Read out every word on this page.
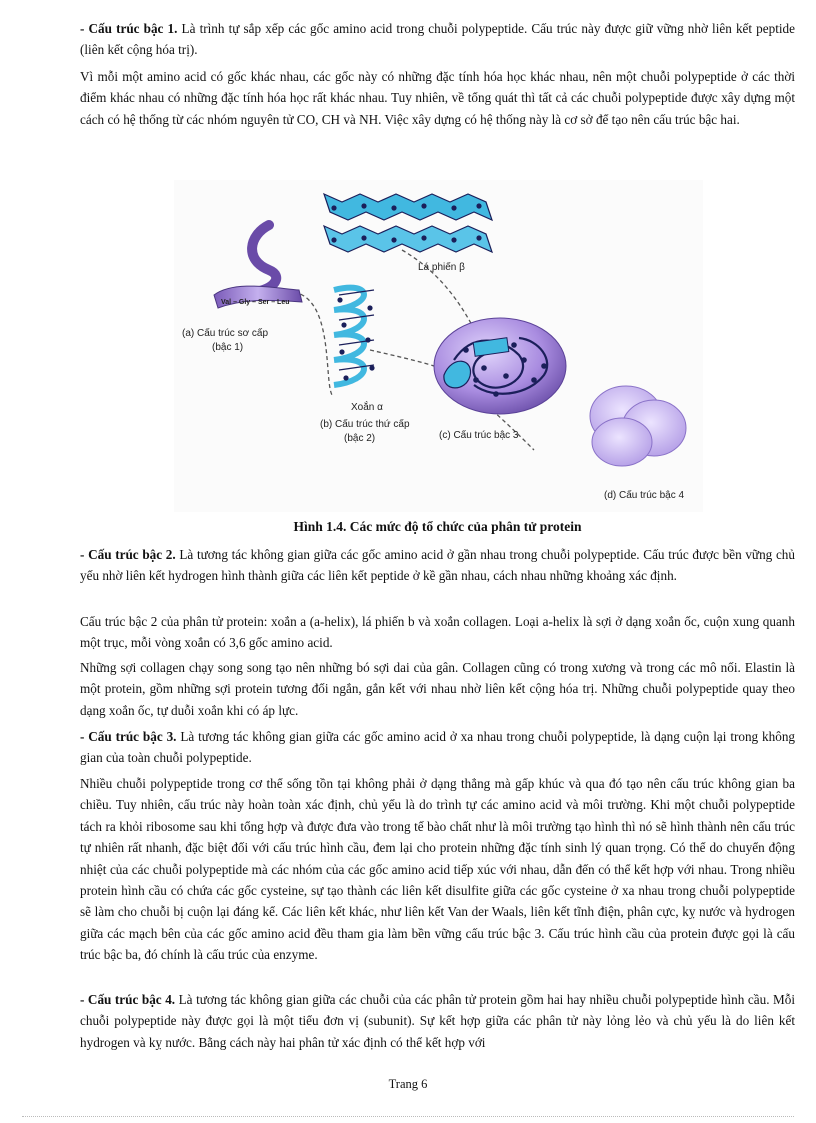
- Cấu trúc bậc 1. Là trình tự sắp xếp các gốc amino acid trong chuỗi polypeptide. Cấu trúc này được giữ vững nhờ liên kết peptide (liên kết cộng hóa trị).

Vì mỗi một amino acid có gốc khác nhau, các gốc này có những đặc tính hóa học khác nhau, nên một chuỗi polypeptide ở các thời điểm khác nhau có những đặc tính hóa học rất khác nhau. Tuy nhiên, về tổng quát thì tất cả các chuỗi polypeptide được xây dựng một cách có hệ thống từ các nhóm nguyên tử CO, CH và NH. Việc xây dựng có hệ thống này là cơ sở để tạo nên cấu trúc bậc hai.

Val – Gly – Ser – Leu
Lá phiến β
Xoắn α
(a) Cấu trúc sơ cấp
(bậc 1)
(b) Cấu trúc thứ cấp
(bậc 2)	(c) Cấu trúc bậc 3
(d) Cấu trúc bậc 4
Hình 1.4. Các mức độ tổ chức của phân tử protein

- Cấu trúc bậc 2. Là tương tác không gian giữa các gốc amino acid ở gần nhau trong chuỗi polypeptide. Cấu trúc được bền vững chủ yếu nhờ liên kết hydrogen hình thành giữa các liên kết peptide ở kề gần nhau, cách nhau những khoảng xác định.

Cấu trúc bậc 2 của phân tử protein: xoắn a (a-helix), lá phiến b và xoắn collagen. Loại a-helix là sợi ở dạng xoắn ốc, cuộn xung quanh một trục, mỗi vòng xoắn có 3,6 gốc amino acid.

Những sợi collagen chạy song song tạo nên những bó sợi dai của gân. Collagen cũng có trong xương và trong các mô nối. Elastin là một protein, gồm những sợi protein tương đối ngắn, gắn kết với nhau nhờ liên kết cộng hóa trị. Những chuỗi polypeptide quay theo dạng xoắn ốc, tự duỗi xoắn khi có áp lực.

- Cấu trúc bậc 3. Là tương tác không gian giữa các gốc amino acid ở xa nhau trong chuỗi polypeptide, là dạng cuộn lại trong không gian của toàn chuỗi polypeptide.

Nhiều chuỗi polypeptide trong cơ thể sống tồn tại không phải ở dạng thẳng mà gấp khúc và qua đó tạo nên cấu trúc không gian ba chiều. Tuy nhiên, cấu trúc này hoàn toàn xác định, chủ yếu là do trình tự các amino acid và môi trường. Khi một chuỗi polypeptide tách ra khỏi ribosome sau khi tổng hợp và được đưa vào trong tế bào chất như là môi trường tạo hình thì nó sẽ hình thành nên cấu trúc tự nhiên rất nhanh, đặc biệt đối với cấu trúc hình cầu, đem lại cho protein những đặc tính sinh lý quan trọng. Có thể do chuyển động nhiệt của các chuỗi polypeptide mà các nhóm của các gốc amino acid tiếp xúc với nhau, dẫn đến có thể kết hợp với nhau. Trong nhiều protein hình cầu có chứa các gốc cysteine, sự tạo thành các liên kết disulfite giữa các gốc cysteine ở xa nhau trong chuỗi polypeptide sẽ làm cho chuỗi bị cuộn lại đáng kể. Các liên kết khác, như liên kết Van der Waals, liên kết tĩnh điện, phân cực, kỵ nước và hydrogen giữa các mạch bên của các gốc amino acid đều tham gia làm bền vững cấu trúc bậc 3. Cấu trúc hình cầu của protein được gọi là cấu trúc bậc ba, đó chính là cấu trúc của enzyme.

- Cấu trúc bậc 4. Là tương tác không gian giữa các chuỗi của các phân tử protein gồm hai hay nhiều chuỗi polypeptide hình cầu. Mỗi chuỗi polypeptide này được gọi là một tiểu đơn vị (subunit). Sự kết hợp giữa các phân tử này lỏng lẻo và chủ yếu là do liên kết hydrogen và kỵ nước. Bằng cách này hai phân tử xác định có thể kết hợp với

Trang 6
